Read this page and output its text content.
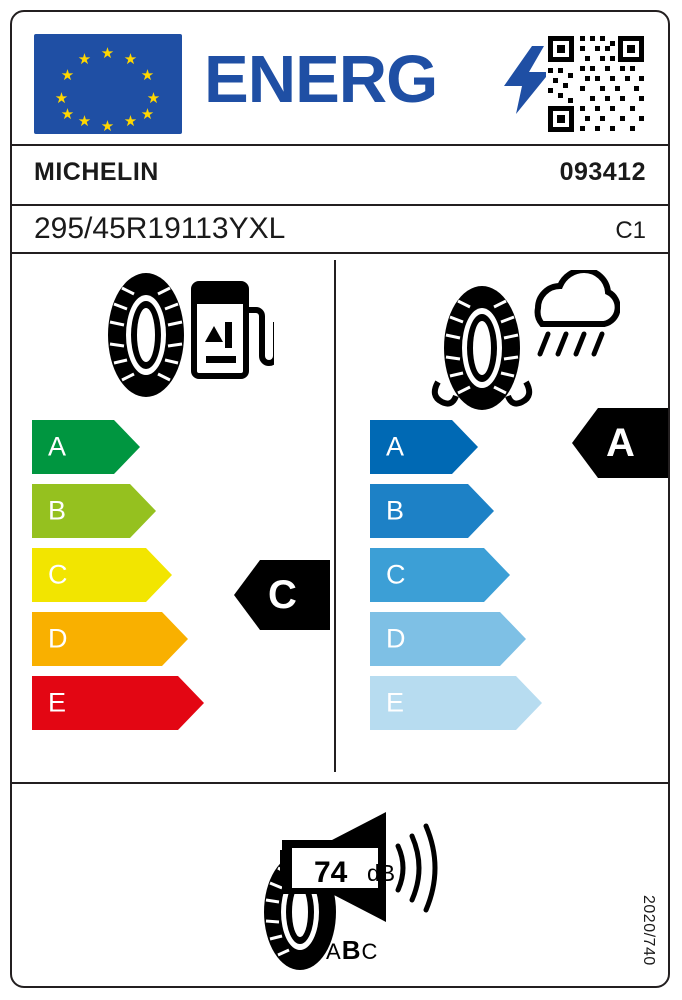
★ ★
★
★
★
★
★
★
★
★
★
★ ENERG
MICHELIN	093412
295/45R19113YXL	C1
A
B
C
D
E
A
B
C
D
E
C
A
74 dB
ABC	2020/740
